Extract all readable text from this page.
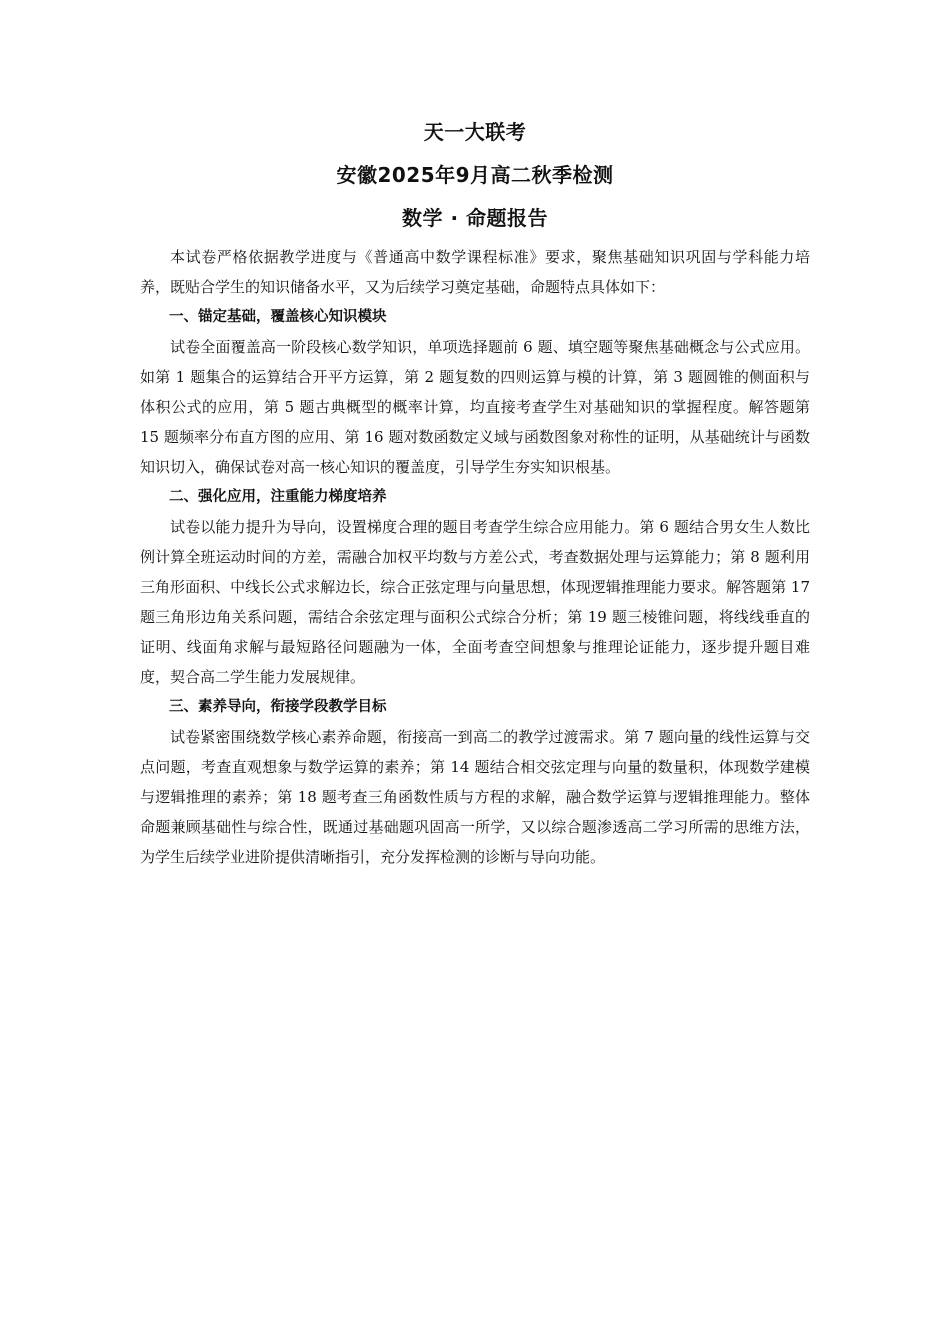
天一大联考
安徽2025年9月高二秋季检测
数学 · 命题报告

本试卷严格依据教学进度与《普通高中数学课程标准》要求，聚焦基础知识巩固与学科能力培养，既贴合学生的知识储备水平，又为后续学习奠定基础，命题特点具体如下：

一、锚定基础，覆盖核心知识模块

试卷全面覆盖高一阶段核心数学知识，单项选择题前 6 题、填空题等聚焦基础概念与公式应用。如第 1 题集合的运算结合开平方运算，第 2 题复数的四则运算与模的计算，第 3 题圆锥的侧面积与体积公式的应用，第 5 题古典概型的概率计算，均直接考查学生对基础知识的掌握程度。解答题第 15 题频率分布直方图的应用、第 16 题对数函数定义域与函数图象对称性的证明，从基础统计与函数知识切入，确保试卷对高一核心知识的覆盖度，引导学生夯实知识根基。

二、强化应用，注重能力梯度培养

试卷以能力提升为导向，设置梯度合理的题目考查学生综合应用能力。第 6 题结合男女生人数比例计算全班运动时间的方差，需融合加权平均数与方差公式，考查数据处理与运算能力；第 8 题利用三角形面积、中线长公式求解边长，综合正弦定理与向量思想，体现逻辑推理能力要求。解答题第 17 题三角形边角关系问题，需结合余弦定理与面积公式综合分析；第 19 题三棱锥问题，将线线垂直的证明、线面角求解与最短路径问题融为一体，全面考查空间想象与推理论证能力，逐步提升题目难度，契合高二学生能力发展规律。

三、素养导向，衔接学段教学目标

试卷紧密围绕数学核心素养命题，衔接高一到高二的教学过渡需求。第 7 题向量的线性运算与交点问题，考查直观想象与数学运算的素养；第 14 题结合相交弦定理与向量的数量积，体现数学建模与逻辑推理的素养；第 18 题考查三角函数性质与方程的求解，融合数学运算与逻辑推理能力。整体命题兼顾基础性与综合性，既通过基础题巩固高一所学，又以综合题渗透高二学习所需的思维方法，为学生后续学业进阶提供清晰指引，充分发挥检测的诊断与导向功能。
